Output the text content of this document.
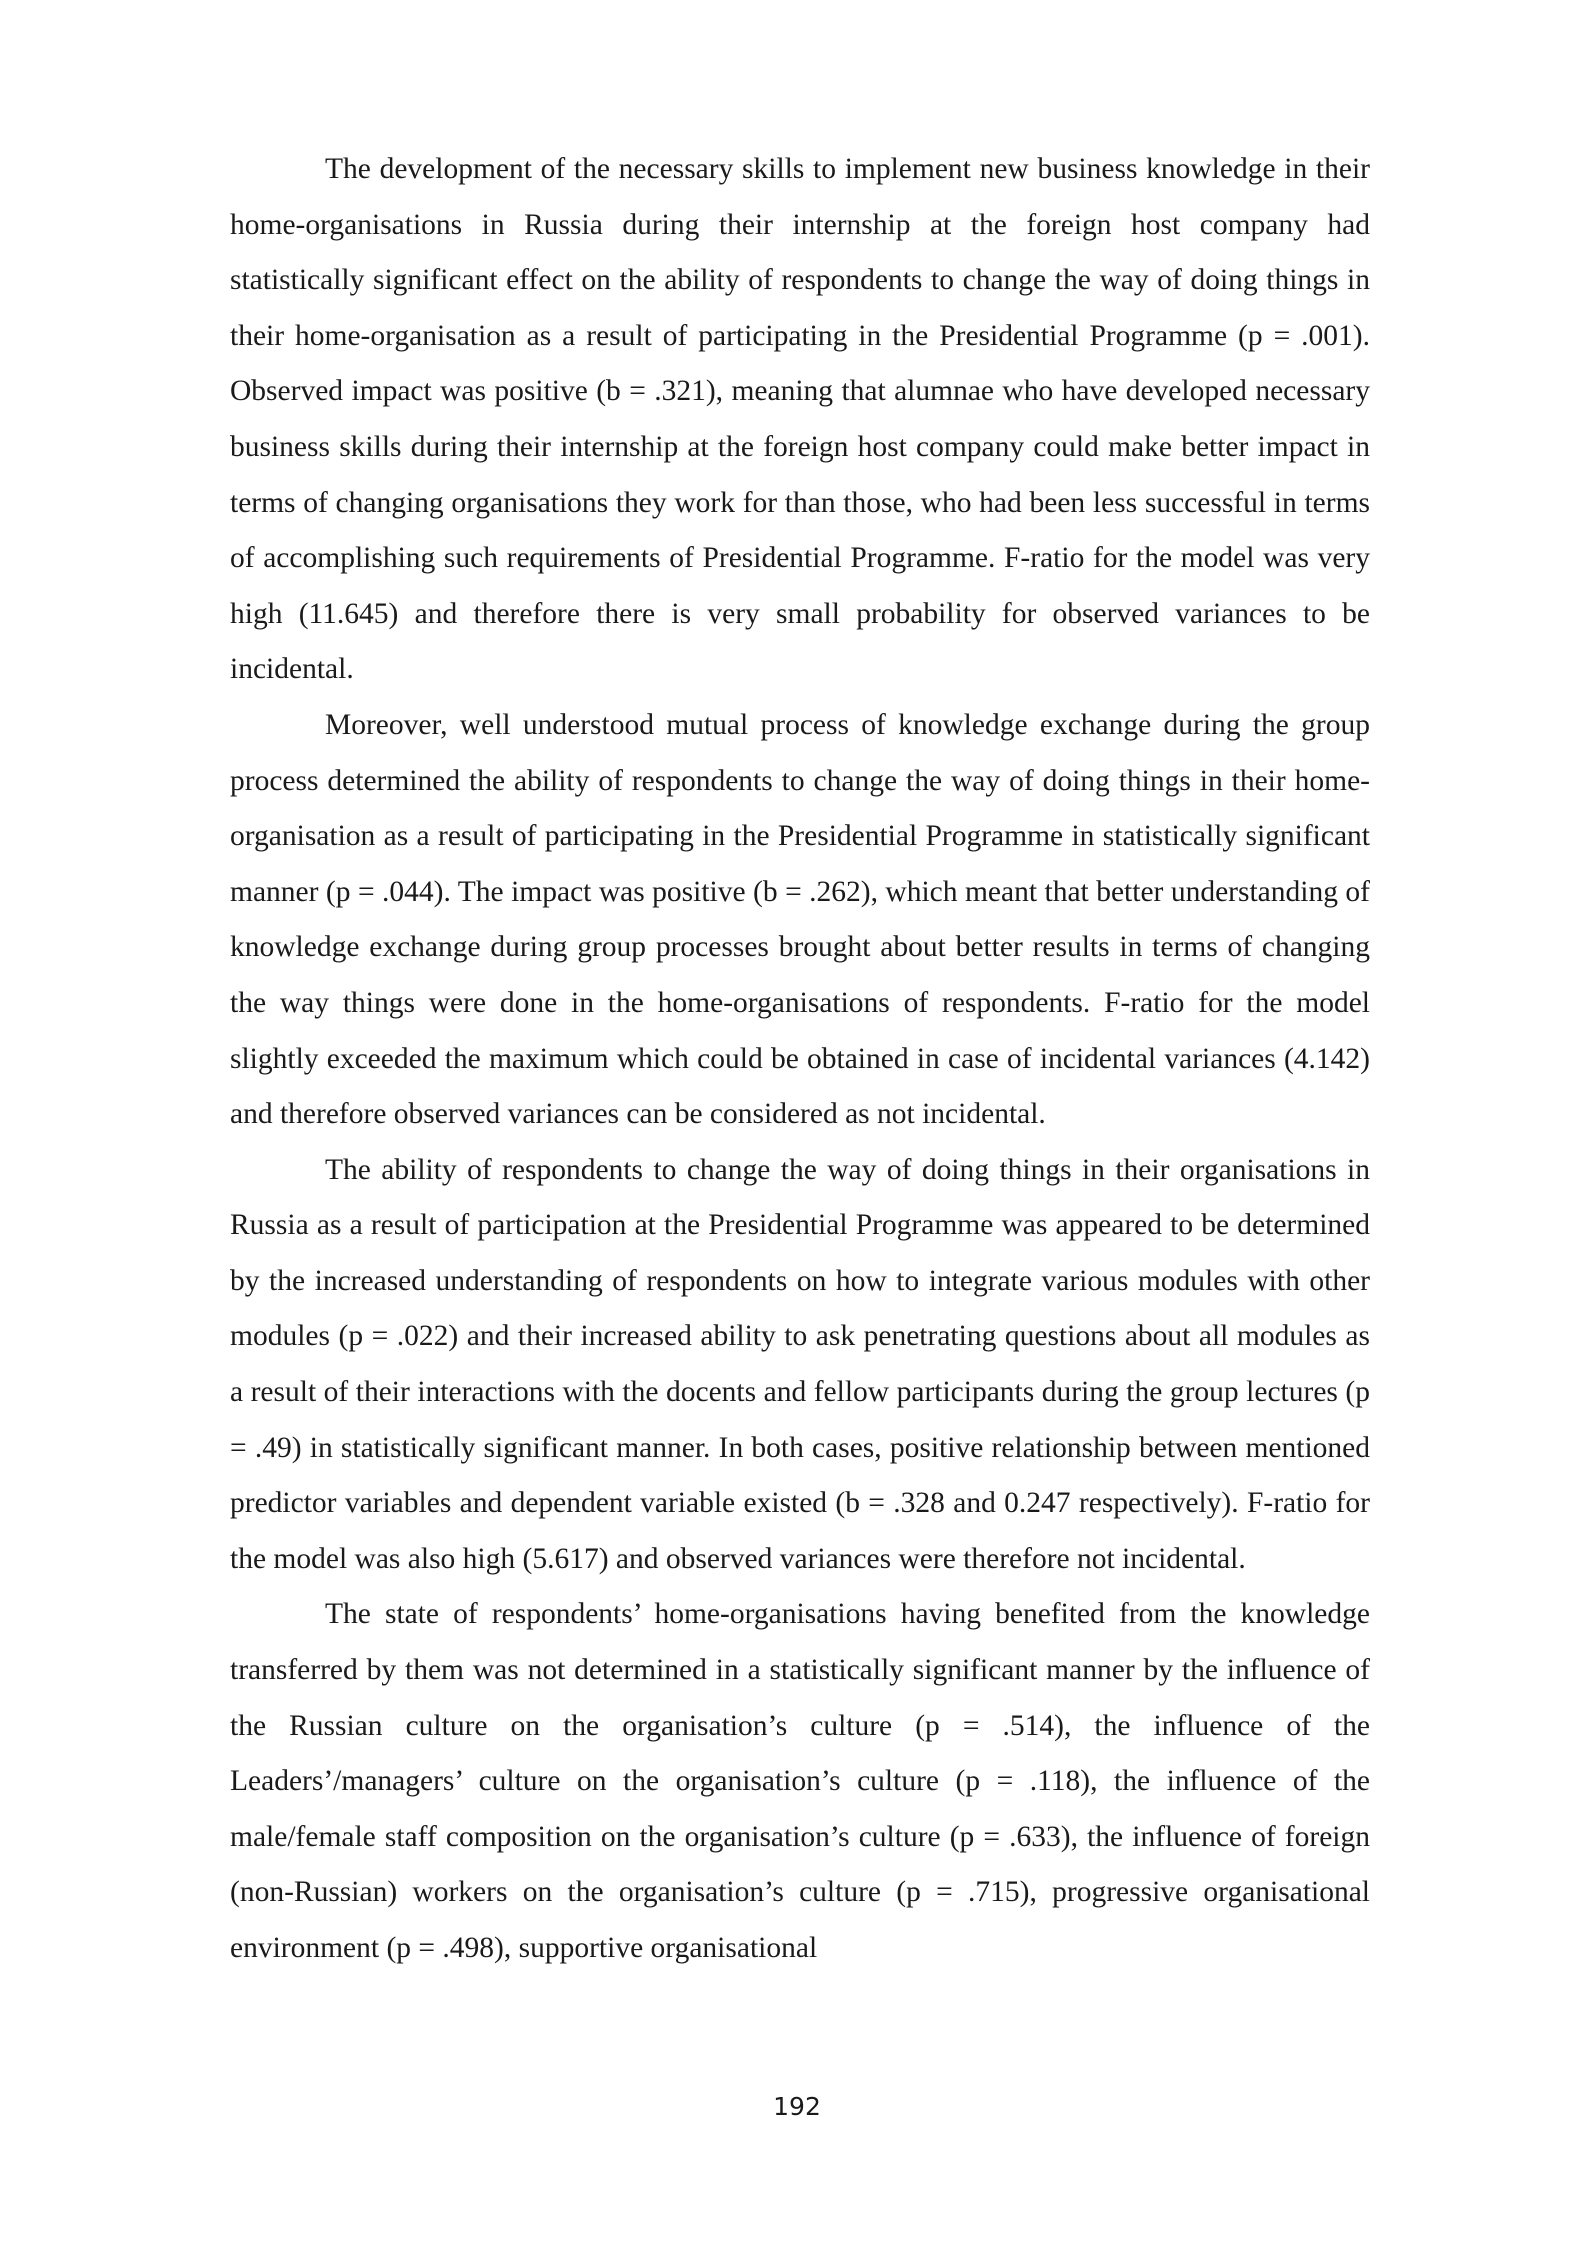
The development of the necessary skills to implement new business knowledge in their home-organisations in Russia during their internship at the foreign host company had statistically significant effect on the ability of respondents to change the way of doing things in their home-organisation as a result of participating in the Presidential Programme (p = .001). Observed impact was positive (b = .321), meaning that alumnae who have developed necessary business skills during their internship at the foreign host company could make better impact in terms of changing organisations they work for than those, who had been less successful in terms of accomplishing such requirements of Presidential Programme. F-ratio for the model was very high (11.645) and therefore there is very small probability for observed variances to be incidental.

Moreover, well understood mutual process of knowledge exchange during the group process determined the ability of respondents to change the way of doing things in their home-organisation as a result of participating in the Presidential Programme in statistically significant manner (p = .044). The impact was positive (b = .262), which meant that better understanding of knowledge exchange during group processes brought about better results in terms of changing the way things were done in the home-organisations of respondents. F-ratio for the model slightly exceeded the maximum which could be obtained in case of incidental variances (4.142) and therefore observed variances can be considered as not incidental.

The ability of respondents to change the way of doing things in their organisations in Russia as a result of participation at the Presidential Programme was appeared to be determined by the increased understanding of respondents on how to integrate various modules with other modules (p = .022) and their increased ability to ask penetrating questions about all modules as a result of their interactions with the docents and fellow participants during the group lectures (p = .49) in statistically significant manner. In both cases, positive relationship between mentioned predictor variables and dependent variable existed (b = .328 and 0.247 respectively). F-ratio for the model was also high (5.617) and observed variances were therefore not incidental.

The state of respondents’ home-organisations having benefited from the knowledge transferred by them was not determined in a statistically significant manner by the influence of the Russian culture on the organisation’s culture (p = .514), the influence of the Leaders’/managers’ culture on the organisation’s culture (p = .118), the influence of the male/female staff composition on the organisation’s culture (p = .633), the influence of foreign (non-Russian) workers on the organisation’s culture (p = .715), progressive organisational environment (p = .498), supportive organisational

192
